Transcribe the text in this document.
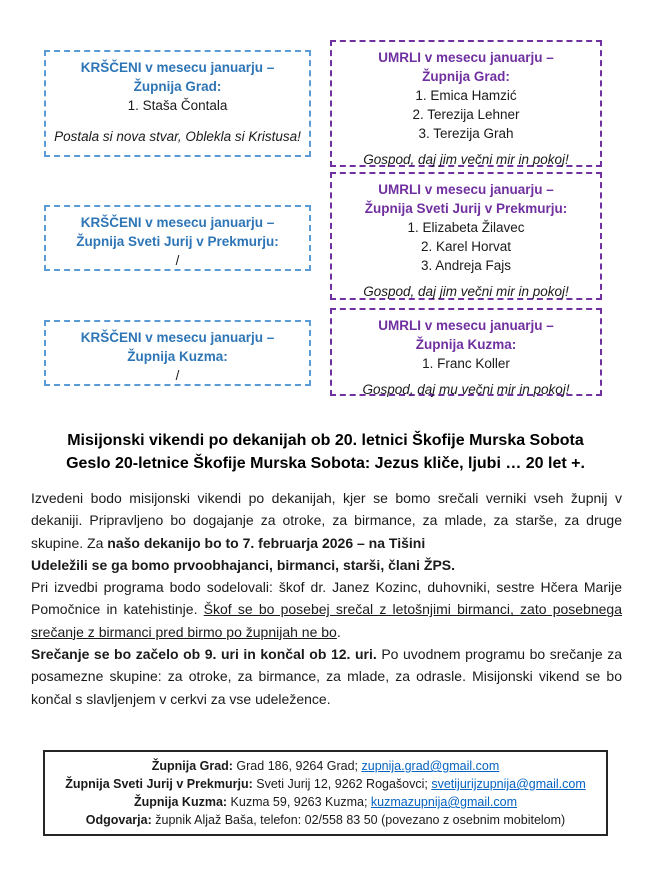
KRŠČENI v mesecu januarju –
Župnija Grad:
1. Staša Čontala
Postala si nova stvar, Oblekla si Kristusa!
UMRLI v mesecu januarju –
Župnija Grad:
1. Emica Hamzić
2. Terezija Lehner
3. Terezija Grah
Gospod, daj jim večni mir in pokoj!
KRŠČENI v mesecu januarju –
Župnija Sveti Jurij v Prekmurju:
/
UMRLI v mesecu januarju –
Župnija Sveti Jurij v Prekmurju:
1. Elizabeta Žilavec
2. Karel Horvat
3. Andreja Fajs
Gospod, daj jim večni mir in pokoj!
KRŠČENI v mesecu januarju –
Župnija Kuzma:
/
UMRLI v mesecu januarju –
Župnija Kuzma:
1. Franc Koller
Gospod, daj mu večni mir in pokoj!
Misijonski vikendi po dekanijah ob 20. letnici Škofije Murska Sobota
Geslo 20-letnice Škofije Murska Sobota: Jezus kliče, ljubi … 20 let +.

Izvedeni bodo misijonski vikendi po dekanijah, kjer se bomo srečali verniki vseh župnij v dekaniji. Pripravljeno bo dogajanje za otroke, za birmance, za mlade, za starše, za druge skupine. Za našo dekanijo bo to 7. februarja 2026 – na Tišini

Udeležili se ga bomo prvoobhajanci, birmanci, starši, člani ŽPS.

Pri izvedbi programa bodo sodelovali: škof dr. Janez Kozinc, duhovniki, sestre Hčera Marije Pomočnice in katehistinje. Škof se bo posebej srečal z letošnjimi birmanci, zato posebnega srečanje z birmanci pred birmo po župnijah ne bo.

Srečanje se bo začelo ob 9. uri in končal ob 12. uri. Po uvodnem programu bo srečanje za posamezne skupine: za otroke, za birmance, za mlade, za odrasle. Misijonski vikend se bo končal s slavljenjem v cerkvi za vse udeležence.

Župnija Grad: Grad 186, 9264 Grad; zupnija.grad@gmail.com
Župnija Sveti Jurij v Prekmurju: Sveti Jurij 12, 9262 Rogašovci; svetijurijzupnija@gmail.com
Župnija Kuzma: Kuzma 59, 9263 Kuzma; kuzmazupnija@gmail.com
Odgovarja: župnik Aljaž Baša, telefon: 02/558 83 50 (povezano z osebnim mobitelom)
